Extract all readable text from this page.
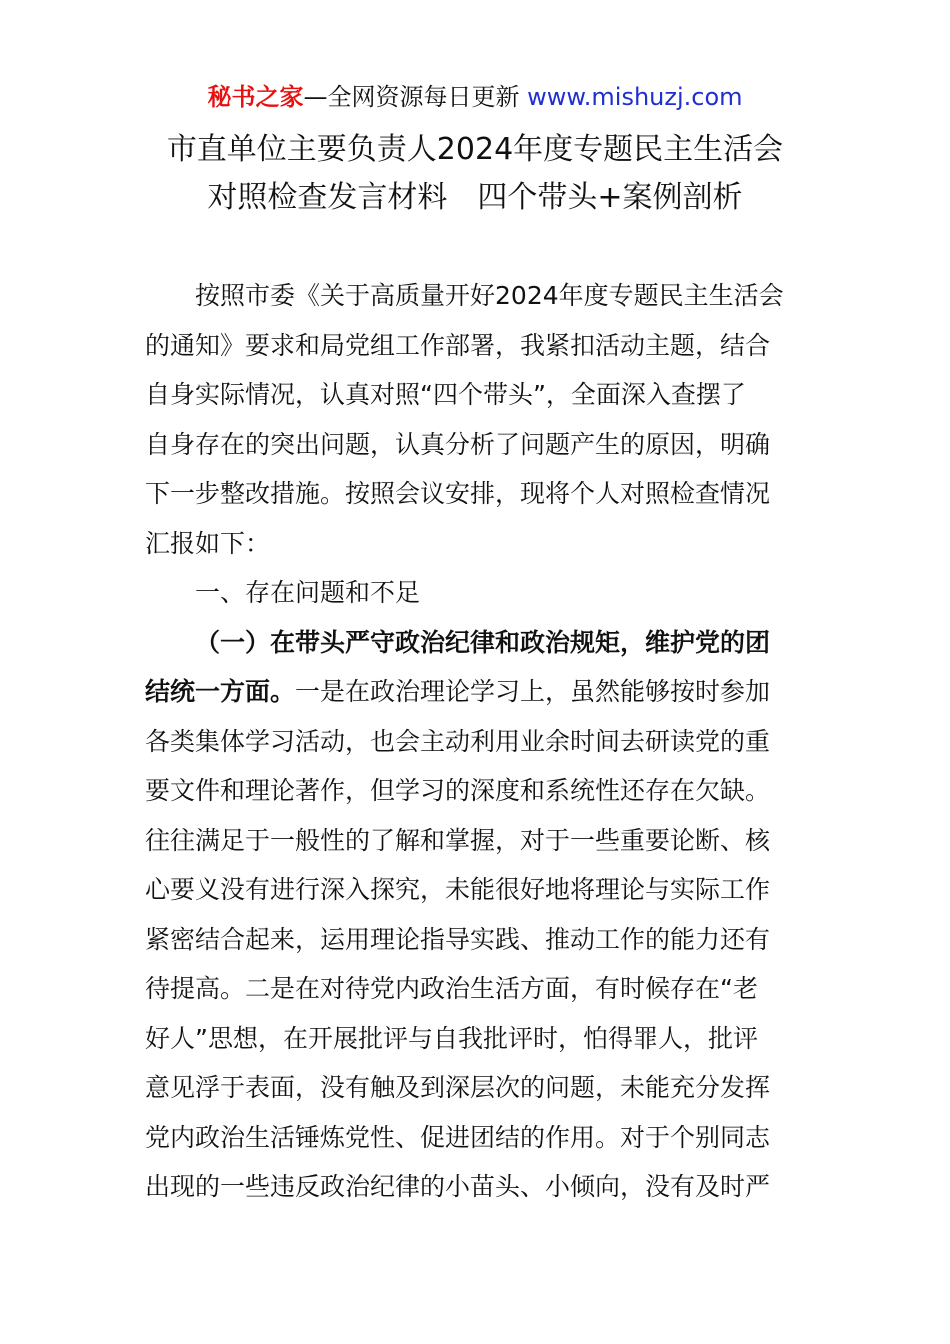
秘书之家—全网资源每日更新 www.mishuzj.com
市直单位主要负责人2024年度专题民主生活会
对照检查发言材料　四个带头+案例剖析
按照市委《关于高质量开好2024年度专题民主生活会
的通知》要求和局党组工作部署，我紧扣活动主题，结合
自身实际情况，认真对照“四个带头”，全面深入查摆了
自身存在的突出问题，认真分析了问题产生的原因，明确
下一步整改措施。按照会议安排，现将个人对照检查情况
汇报如下：
一、存在问题和不足
（一）在带头严守政治纪律和政治规矩，维护党的团
结统一方面。一是在政治理论学习上，虽然能够按时参加
各类集体学习活动，也会主动利用业余时间去研读党的重
要文件和理论著作，但学习的深度和系统性还存在欠缺。
往往满足于一般性的了解和掌握，对于一些重要论断、核
心要义没有进行深入探究，未能很好地将理论与实际工作
紧密结合起来，运用理论指导实践、推动工作的能力还有
待提高。二是在对待党内政治生活方面，有时候存在“老
好人”思想，在开展批评与自我批评时，怕得罪人，批评
意见浮于表面，没有触及到深层次的问题，未能充分发挥
党内政治生活锤炼党性、促进团结的作用。对于个别同志
出现的一些违反政治纪律的小苗头、小倾向，没有及时严
